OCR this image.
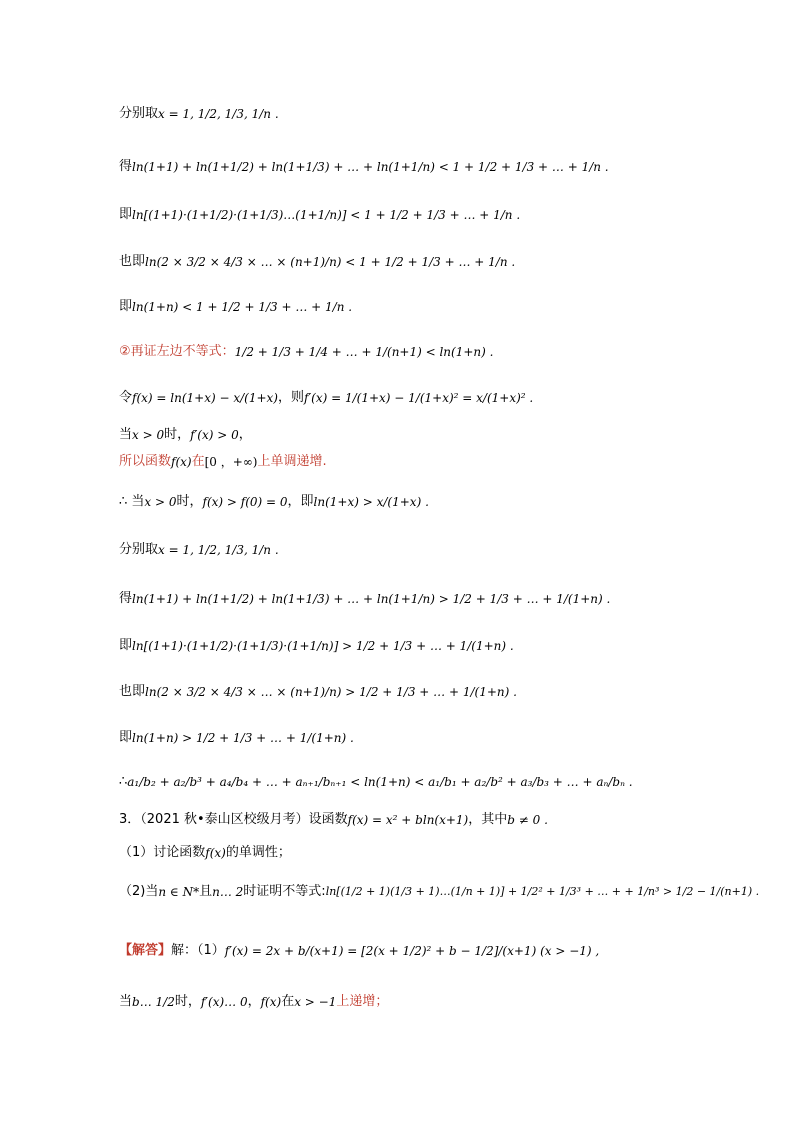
分别取 x = 1, 1/2, 1/3, 1/n .
得 ln(1+1) + ln(1+1/2) + ln(1+1/3) + … + ln(1+1/n) < 1 + 1/2 + 1/3 + … + 1/n .
即 ln[(1+1)·(1+1/2)·(1+1/3)…(1+1/n)] < 1 + 1/2 + 1/3 + … + 1/n .
也即 ln(2 × 3/2 × 4/3 × … × (n+1)/n) < 1 + 1/2 + 1/3 + … + 1/n .
即 ln(1+n) < 1 + 1/2 + 1/3 + … + 1/n .
②再证左边不等式： 1/2 + 1/3 + 1/4 + … + 1/(n+1) < ln(1+n) .
令 f(x) = ln(1+x) − x/(1+x) ，则 f′(x) = 1/(1+x) − 1/(1+x)² = x/(1+x)² .
当 x > 0 时， f′(x) > 0 ，
所以函数 f(x) 在 [0 ，+∞) 上单调递增.
∴ 当 x > 0 时， f(x) > f(0) = 0 ，即 ln(1+x) > x/(1+x) .
分别取 x = 1, 1/2, 1/3, 1/n .
得 ln(1+1) + ln(1+1/2) + ln(1+1/3) + … + ln(1+1/n) > 1/2 + 1/3 + … + 1/(1+n) .
即 ln[(1+1)·(1+1/2)·(1+1/3)·(1+1/n)] > 1/2 + 1/3 + … + 1/(1+n) .
也即 ln(2 × 3/2 × 4/3 × … × (n+1)/n) > 1/2 + 1/3 + … + 1/(1+n) .
即 ln(1+n) > 1/2 + 1/3 + … + 1/(1+n) .
∴ a₁/b₂ + a₂/b³ + a₄/b₄ + … + aₙ₊₁/bₙ₊₁ < ln(1+n) < a₁/b₁ + a₂/b² + a₃/b₃ + … + aₙ/bₙ .
3．（2021 秋•泰山区校级月考）设函数 f(x) = x² + bln(x+1) ，其中 b ≠ 0 .
（1）讨论函数 f(x) 的单调性；
（2)当 n ∈ N* 且 n… 2 时证明不等式: ln[(1/2 + 1)(1/3 + 1)…(1/n + 1)] + 1/2² + 1/3³ + … + + 1/n³ > 1/2 − 1/(n+1) .
【解答】 解：（1） f′(x) = 2x + b/(x+1) = [2(x + 1/2)² + b − 1/2]/(x+1) (x > −1) ,
当 b… 1/2 时， f′(x)… 0 ， f(x) 在 x > −1 上递增；
